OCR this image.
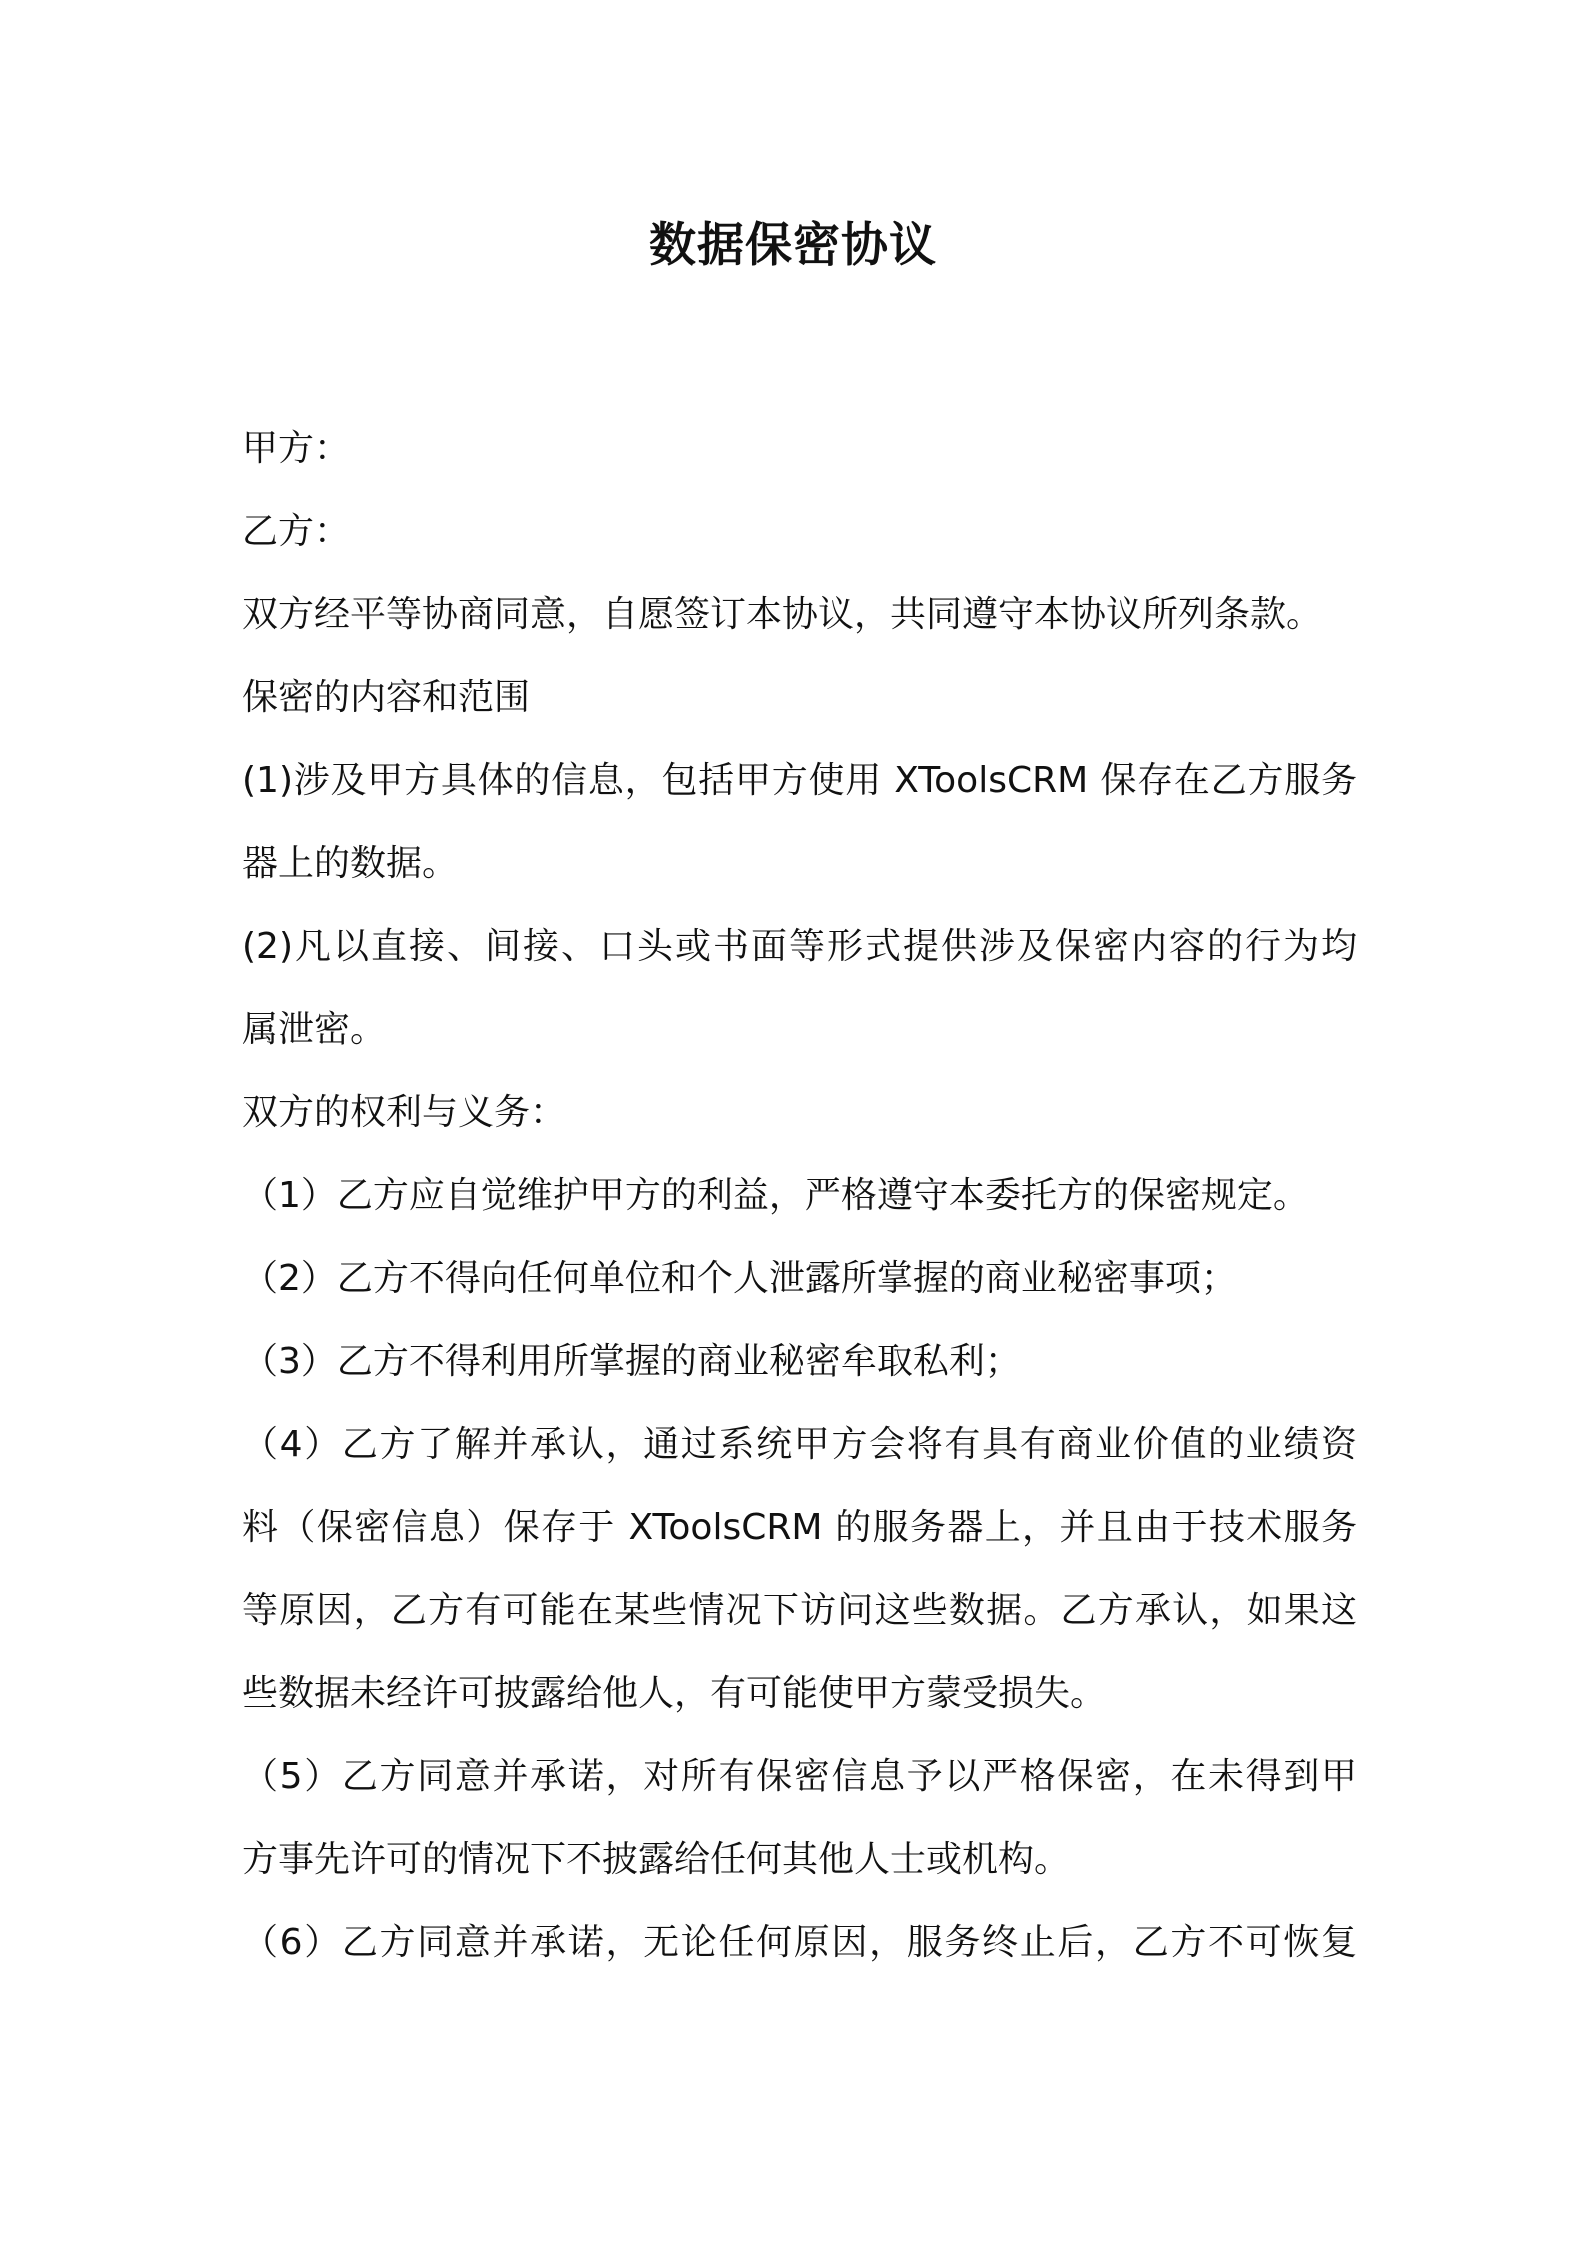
数据保密协议
甲方：
乙方：
双方经平等协商同意，自愿签订本协议，共同遵守本协议所列条款。
保密的内容和范围
(1)涉及甲方具体的信息，包括甲方使用 XToolsCRM 保存在乙方服务
器上的数据。
(2)凡以直接、间接、口头或书面等形式提供涉及保密内容的行为均
属泄密。
双方的权利与义务：
（1）乙方应自觉维护甲方的利益，严格遵守本委托方的保密规定。
（2）乙方不得向任何单位和个人泄露所掌握的商业秘密事项；
（3）乙方不得利用所掌握的商业秘密牟取私利；
（4）乙方了解并承认，通过系统甲方会将有具有商业价值的业绩资
料（保密信息）保存于 XToolsCRM 的服务器上，并且由于技术服务
等原因，乙方有可能在某些情况下访问这些数据。乙方承认，如果这
些数据未经许可披露给他人，有可能使甲方蒙受损失。
（5）乙方同意并承诺，对所有保密信息予以严格保密，在未得到甲
方事先许可的情况下不披露给任何其他人士或机构。
（6）乙方同意并承诺，无论任何原因，服务终止后，乙方不可恢复
